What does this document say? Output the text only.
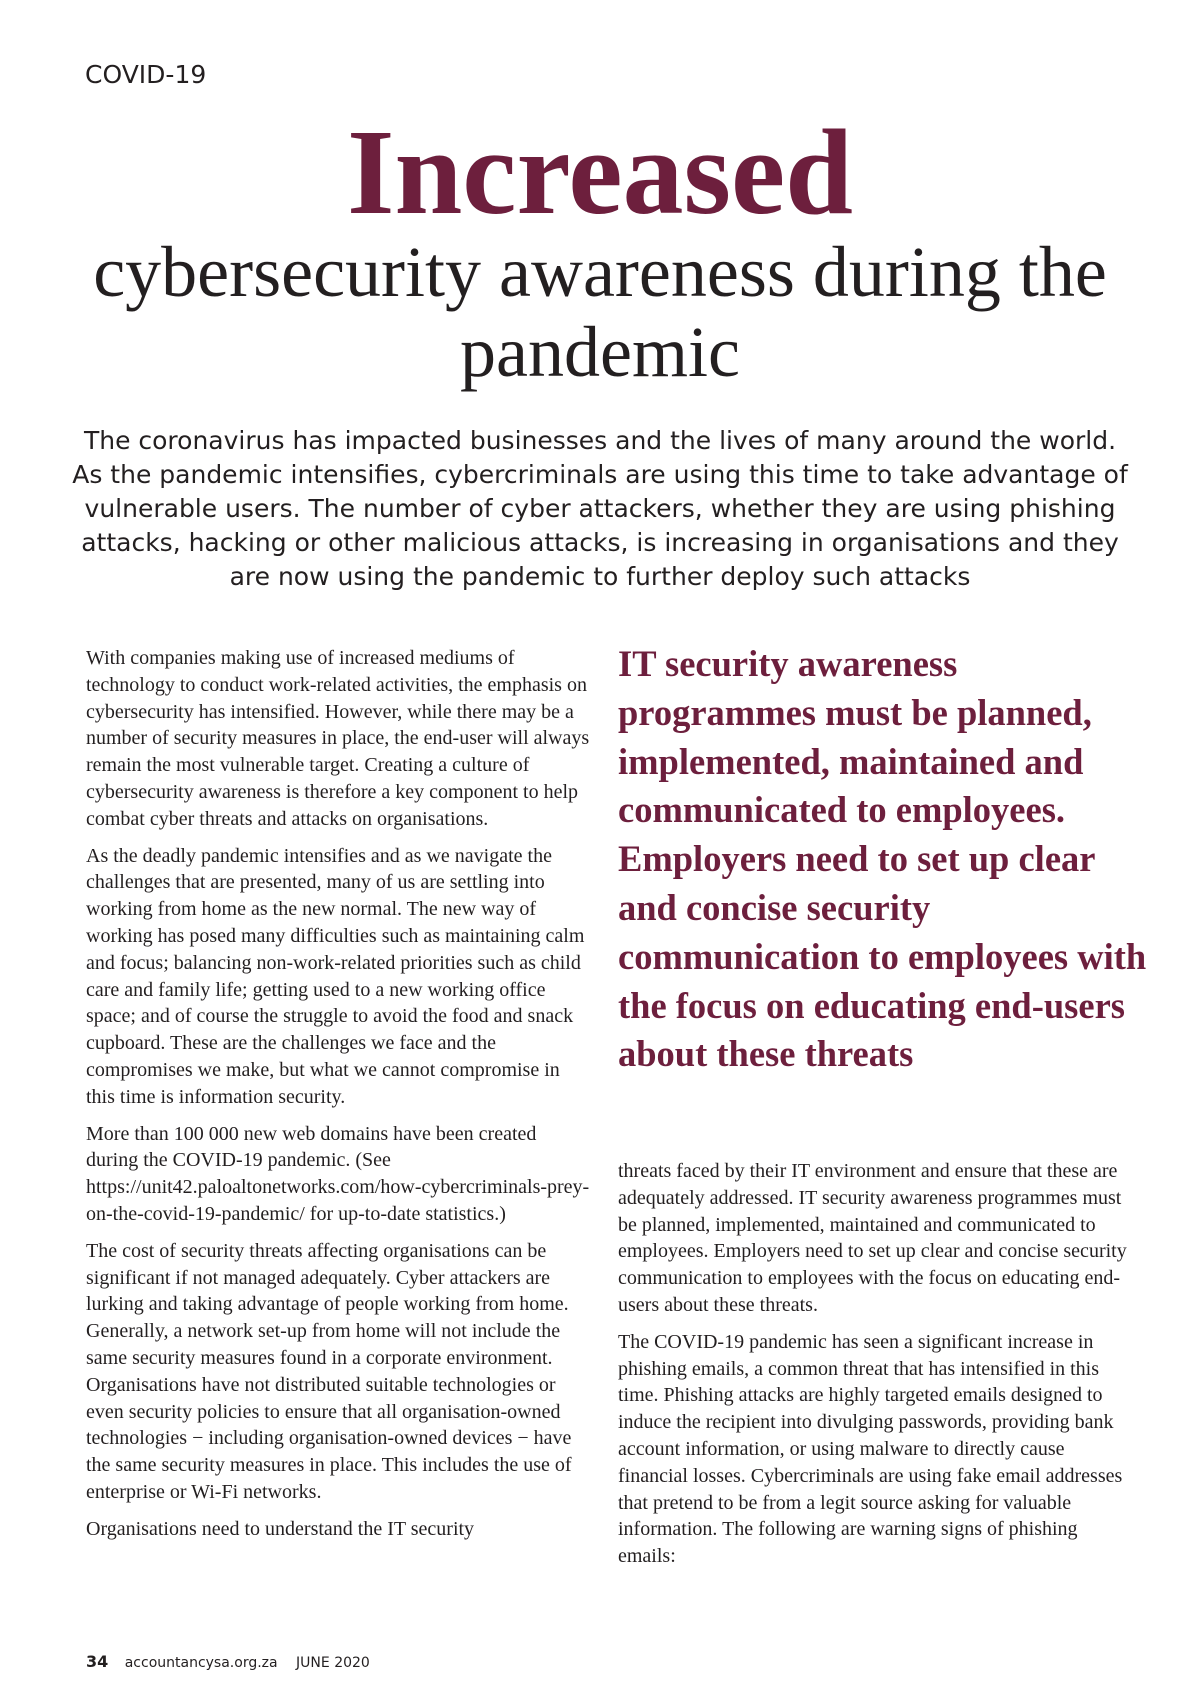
COVID-19
Increased
cybersecurity awareness during the pandemic
The coronavirus has impacted businesses and the lives of many around the world. As the pandemic intensifies, cybercriminals are using this time to take advantage of vulnerable users. The number of cyber attackers, whether they are using phishing attacks, hacking or other malicious attacks, is increasing in organisations and they are now using the pandemic to further deploy such attacks

With companies making use of increased mediums of technology to conduct work-related activities, the emphasis on cybersecurity has intensified. However, while there may be a number of security measures in place, the end-user will always remain the most vulnerable target. Creating a culture of cybersecurity awareness is therefore a key component to help combat cyber threats and attacks on organisations.

As the deadly pandemic intensifies and as we navigate the challenges that are presented, many of us are settling into working from home as the new normal. The new way of working has posed many difficulties such as maintaining calm and focus; balancing non-work-related priorities such as child care and family life; getting used to a new working office space; and of course the struggle to avoid the food and snack cupboard. These are the challenges we face and the compromises we make, but what we cannot compromise in this time is information security.

More than 100 000 new web domains have been created during the COVID-19 pandemic. (See https://unit42.paloaltonetworks.com/how-cybercriminals-prey-on-the-covid-19-pandemic/ for up-to-date statistics.)

The cost of security threats affecting organisations can be significant if not managed adequately. Cyber attackers are lurking and taking advantage of people working from home. Generally, a network set-up from home will not include the same security measures found in a corporate environment. Organisations have not distributed suitable technologies or even security policies to ensure that all organisation-owned technologies − including organisation-owned devices − have the same security measures in place. This includes the use of enterprise or Wi-Fi networks.

Organisations need to understand the IT security

IT security awareness programmes must be planned, implemented, maintained and communicated to employees. Employers need to set up clear and concise security communication to employees with the focus on educating end-users about these threats

threats faced by their IT environment and ensure that these are adequately addressed. IT security awareness programmes must be planned, implemented, maintained and communicated to employees. Employers need to set up clear and concise security communication to employees with the focus on educating end-users about these threats.

The COVID-19 pandemic has seen a significant increase in phishing emails, a common threat that has intensified in this time. Phishing attacks are highly targeted emails designed to induce the recipient into divulging passwords, providing bank account information, or using malware to directly cause financial losses. Cybercriminals are using fake email addresses that pretend to be from a legit source asking for valuable information. The following are warning signs of phishing emails:

34 accountancysa.org.za JUNE 2020
